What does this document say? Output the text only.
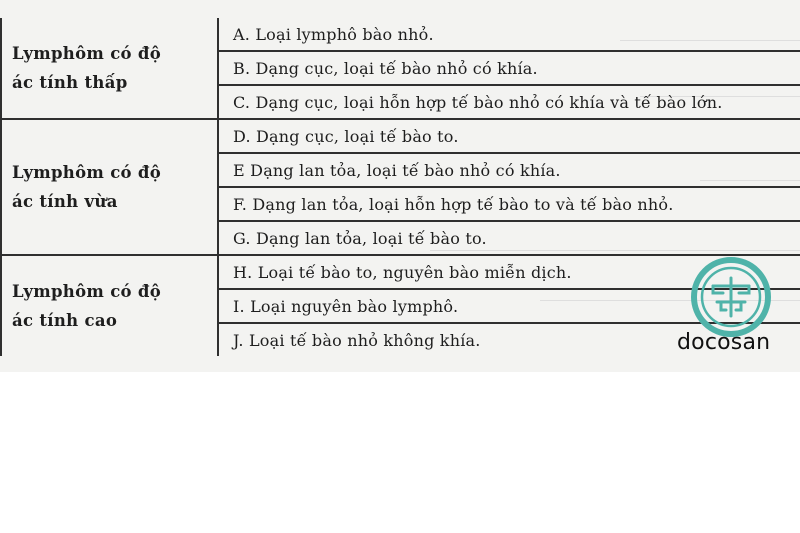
Lymphôm có độ
ác tính thấp	A. Loại lymphô bào nhỏ.
	B. Dạng cục, loại tế bào nhỏ có khía.
	C. Dạng cục, loại hỗn hợp tế bào nhỏ có khía và tế bào lớn.

Lymphôm có độ
ác tính vừa	D. Dạng cục, loại tế bào to.
	E Dạng lan tỏa, loại tế bào nhỏ có khía.
	F. Dạng lan tỏa, loại hỗn hợp tế bào to và tế bào nhỏ.
	G. Dạng lan tỏa, loại tế bào to.

Lymphôm có độ
ác tính cao	H. Loại tế bào to, nguyên bào miễn dịch.
	I. Loại nguyên bào lymphô.
	J. Loại tế bào nhỏ không khía.	docosan
